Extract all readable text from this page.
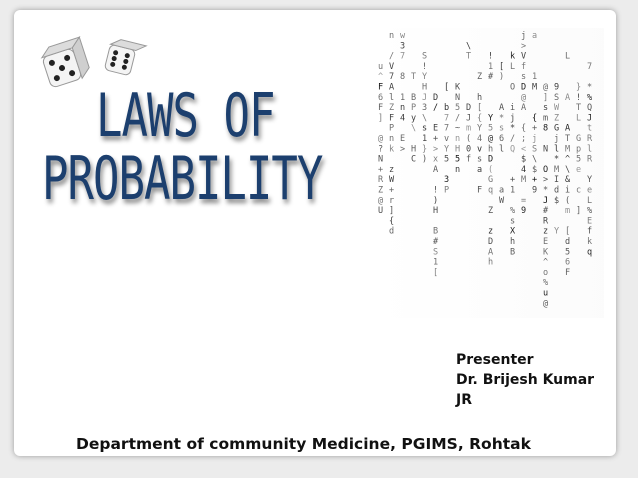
LAWS OF
PROBABILITY
u
^
F
6
F
]
@
?
N
+
R
Z
@
U
n
/
V
7
A
l
Z
F
P
n
k
z
W
+
r
]
{
d
w
3
7
8
1
n
4
E
>
T
B
P
y
\
H
C
S
!
Y
H
J
3
\
s
1
}
)
D
/
E
+
>
x
A
!
)
H
B
#
S
1
[
[
b
7
7
v
Y
5
3
P
K
N
5
/
~
n
H
5
n
\
T
D
J
m
(
0
f
Z
h
[
{
Y
4
v
s
a
F
!
1
#
Y
5
@
h
D
(
G
q
Z
z
D
A
h
[
)
A
*
s
6
l
a
W
k
L
O
i
j
*
/
Q
+
1
%
s
X
h
B
j
>
V
f
s
D
@
A
{
;
<
$
4
M
=
9
a
1
M
{
+
j
S
\
$
+
9
@
]
s
m
8
N
O
>
*
J
#
R
z
E
K
^
o
%
u
@
9
S
W
Z
G
j
l
*
M
I
d
$
Y
L
A
A
T
M
^
\
&
i
(
m
[
d
5
6
F
}
!
T
L
G
p
5
e
c
]
7
*
%
Q
J
t
R
l
R
Y
e
L
%
E
f
k
q
Presenter
Dr. Brijesh Kumar
JR
Department of community Medicine, PGIMS, Rohtak
